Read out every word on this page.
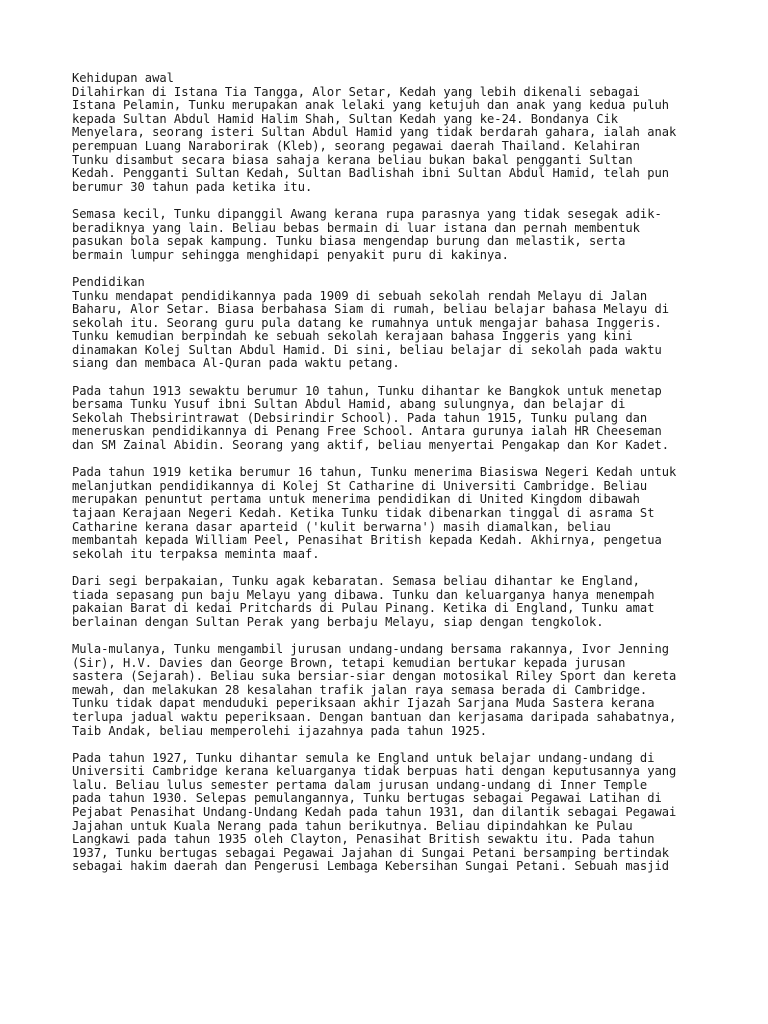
Kehidupan awal
Dilahirkan di Istana Tia Tangga, Alor Setar, Kedah yang lebih dikenali sebagai
Istana Pelamin, Tunku merupakan anak lelaki yang ketujuh dan anak yang kedua puluh
kepada Sultan Abdul Hamid Halim Shah, Sultan Kedah yang ke-24. Bondanya Cik
Menyelara, seorang isteri Sultan Abdul Hamid yang tidak berdarah gahara, ialah anak
perempuan Luang Naraborirak (Kleb), seorang pegawai daerah Thailand. Kelahiran
Tunku disambut secara biasa sahaja kerana beliau bukan bakal pengganti Sultan
Kedah. Pengganti Sultan Kedah, Sultan Badlishah ibni Sultan Abdul Hamid, telah pun
berumur 30 tahun pada ketika itu.
Semasa kecil, Tunku dipanggil Awang kerana rupa parasnya yang tidak sesegak adik-
beradiknya yang lain. Beliau bebas bermain di luar istana dan pernah membentuk
pasukan bola sepak kampung. Tunku biasa mengendap burung dan melastik, serta
bermain lumpur sehingga menghidapi penyakit puru di kakinya.
Pendidikan
Tunku mendapat pendidikannya pada 1909 di sebuah sekolah rendah Melayu di Jalan
Baharu, Alor Setar. Biasa berbahasa Siam di rumah, beliau belajar bahasa Melayu di
sekolah itu. Seorang guru pula datang ke rumahnya untuk mengajar bahasa Inggeris.
Tunku kemudian berpindah ke sebuah sekolah kerajaan bahasa Inggeris yang kini
dinamakan Kolej Sultan Abdul Hamid. Di sini, beliau belajar di sekolah pada waktu
siang dan membaca Al-Quran pada waktu petang.
Pada tahun 1913 sewaktu berumur 10 tahun, Tunku dihantar ke Bangkok untuk menetap
bersama Tunku Yusuf ibni Sultan Abdul Hamid, abang sulungnya, dan belajar di
Sekolah Thebsirintrawat (Debsirindir School). Pada tahun 1915, Tunku pulang dan
meneruskan pendidikannya di Penang Free School. Antara gurunya ialah HR Cheeseman
dan SM Zainal Abidin. Seorang yang aktif, beliau menyertai Pengakap dan Kor Kadet.
Pada tahun 1919 ketika berumur 16 tahun, Tunku menerima Biasiswa Negeri Kedah untuk
melanjutkan pendidikannya di Kolej St Catharine di Universiti Cambridge. Beliau
merupakan penuntut pertama untuk menerima pendidikan di United Kingdom dibawah
tajaan Kerajaan Negeri Kedah. Ketika Tunku tidak dibenarkan tinggal di asrama St
Catharine kerana dasar aparteid ('kulit berwarna') masih diamalkan, beliau
membantah kepada William Peel, Penasihat British kepada Kedah. Akhirnya, pengetua
sekolah itu terpaksa meminta maaf.
Dari segi berpakaian, Tunku agak kebaratan. Semasa beliau dihantar ke England,
tiada sepasang pun baju Melayu yang dibawa. Tunku dan keluarganya hanya menempah
pakaian Barat di kedai Pritchards di Pulau Pinang. Ketika di England, Tunku amat
berlainan dengan Sultan Perak yang berbaju Melayu, siap dengan tengkolok.
Mula-mulanya, Tunku mengambil jurusan undang-undang bersama rakannya, Ivor Jenning
(Sir), H.V. Davies dan George Brown, tetapi kemudian bertukar kepada jurusan
sastera (Sejarah). Beliau suka bersiar-siar dengan motosikal Riley Sport dan kereta
mewah, dan melakukan 28 kesalahan trafik jalan raya semasa berada di Cambridge.
Tunku tidak dapat menduduki peperiksaan akhir Ijazah Sarjana Muda Sastera kerana
terlupa jadual waktu peperiksaan. Dengan bantuan dan kerjasama daripada sahabatnya,
Taib Andak, beliau memperolehi ijazahnya pada tahun 1925.
Pada tahun 1927, Tunku dihantar semula ke England untuk belajar undang-undang di
Universiti Cambridge kerana keluarganya tidak berpuas hati dengan keputusannya yang
lalu. Beliau lulus semester pertama dalam jurusan undang-undang di Inner Temple
pada tahun 1930. Selepas pemulangannya, Tunku bertugas sebagai Pegawai Latihan di
Pejabat Penasihat Undang-Undang Kedah pada tahun 1931, dan dilantik sebagai Pegawai
Jajahan untuk Kuala Nerang pada tahun berikutnya. Beliau dipindahkan ke Pulau
Langkawi pada tahun 1935 oleh Clayton, Penasihat British sewaktu itu. Pada tahun
1937, Tunku bertugas sebagai Pegawai Jajahan di Sungai Petani bersamping bertindak
sebagai hakim daerah dan Pengerusi Lembaga Kebersihan Sungai Petani. Sebuah masjid
